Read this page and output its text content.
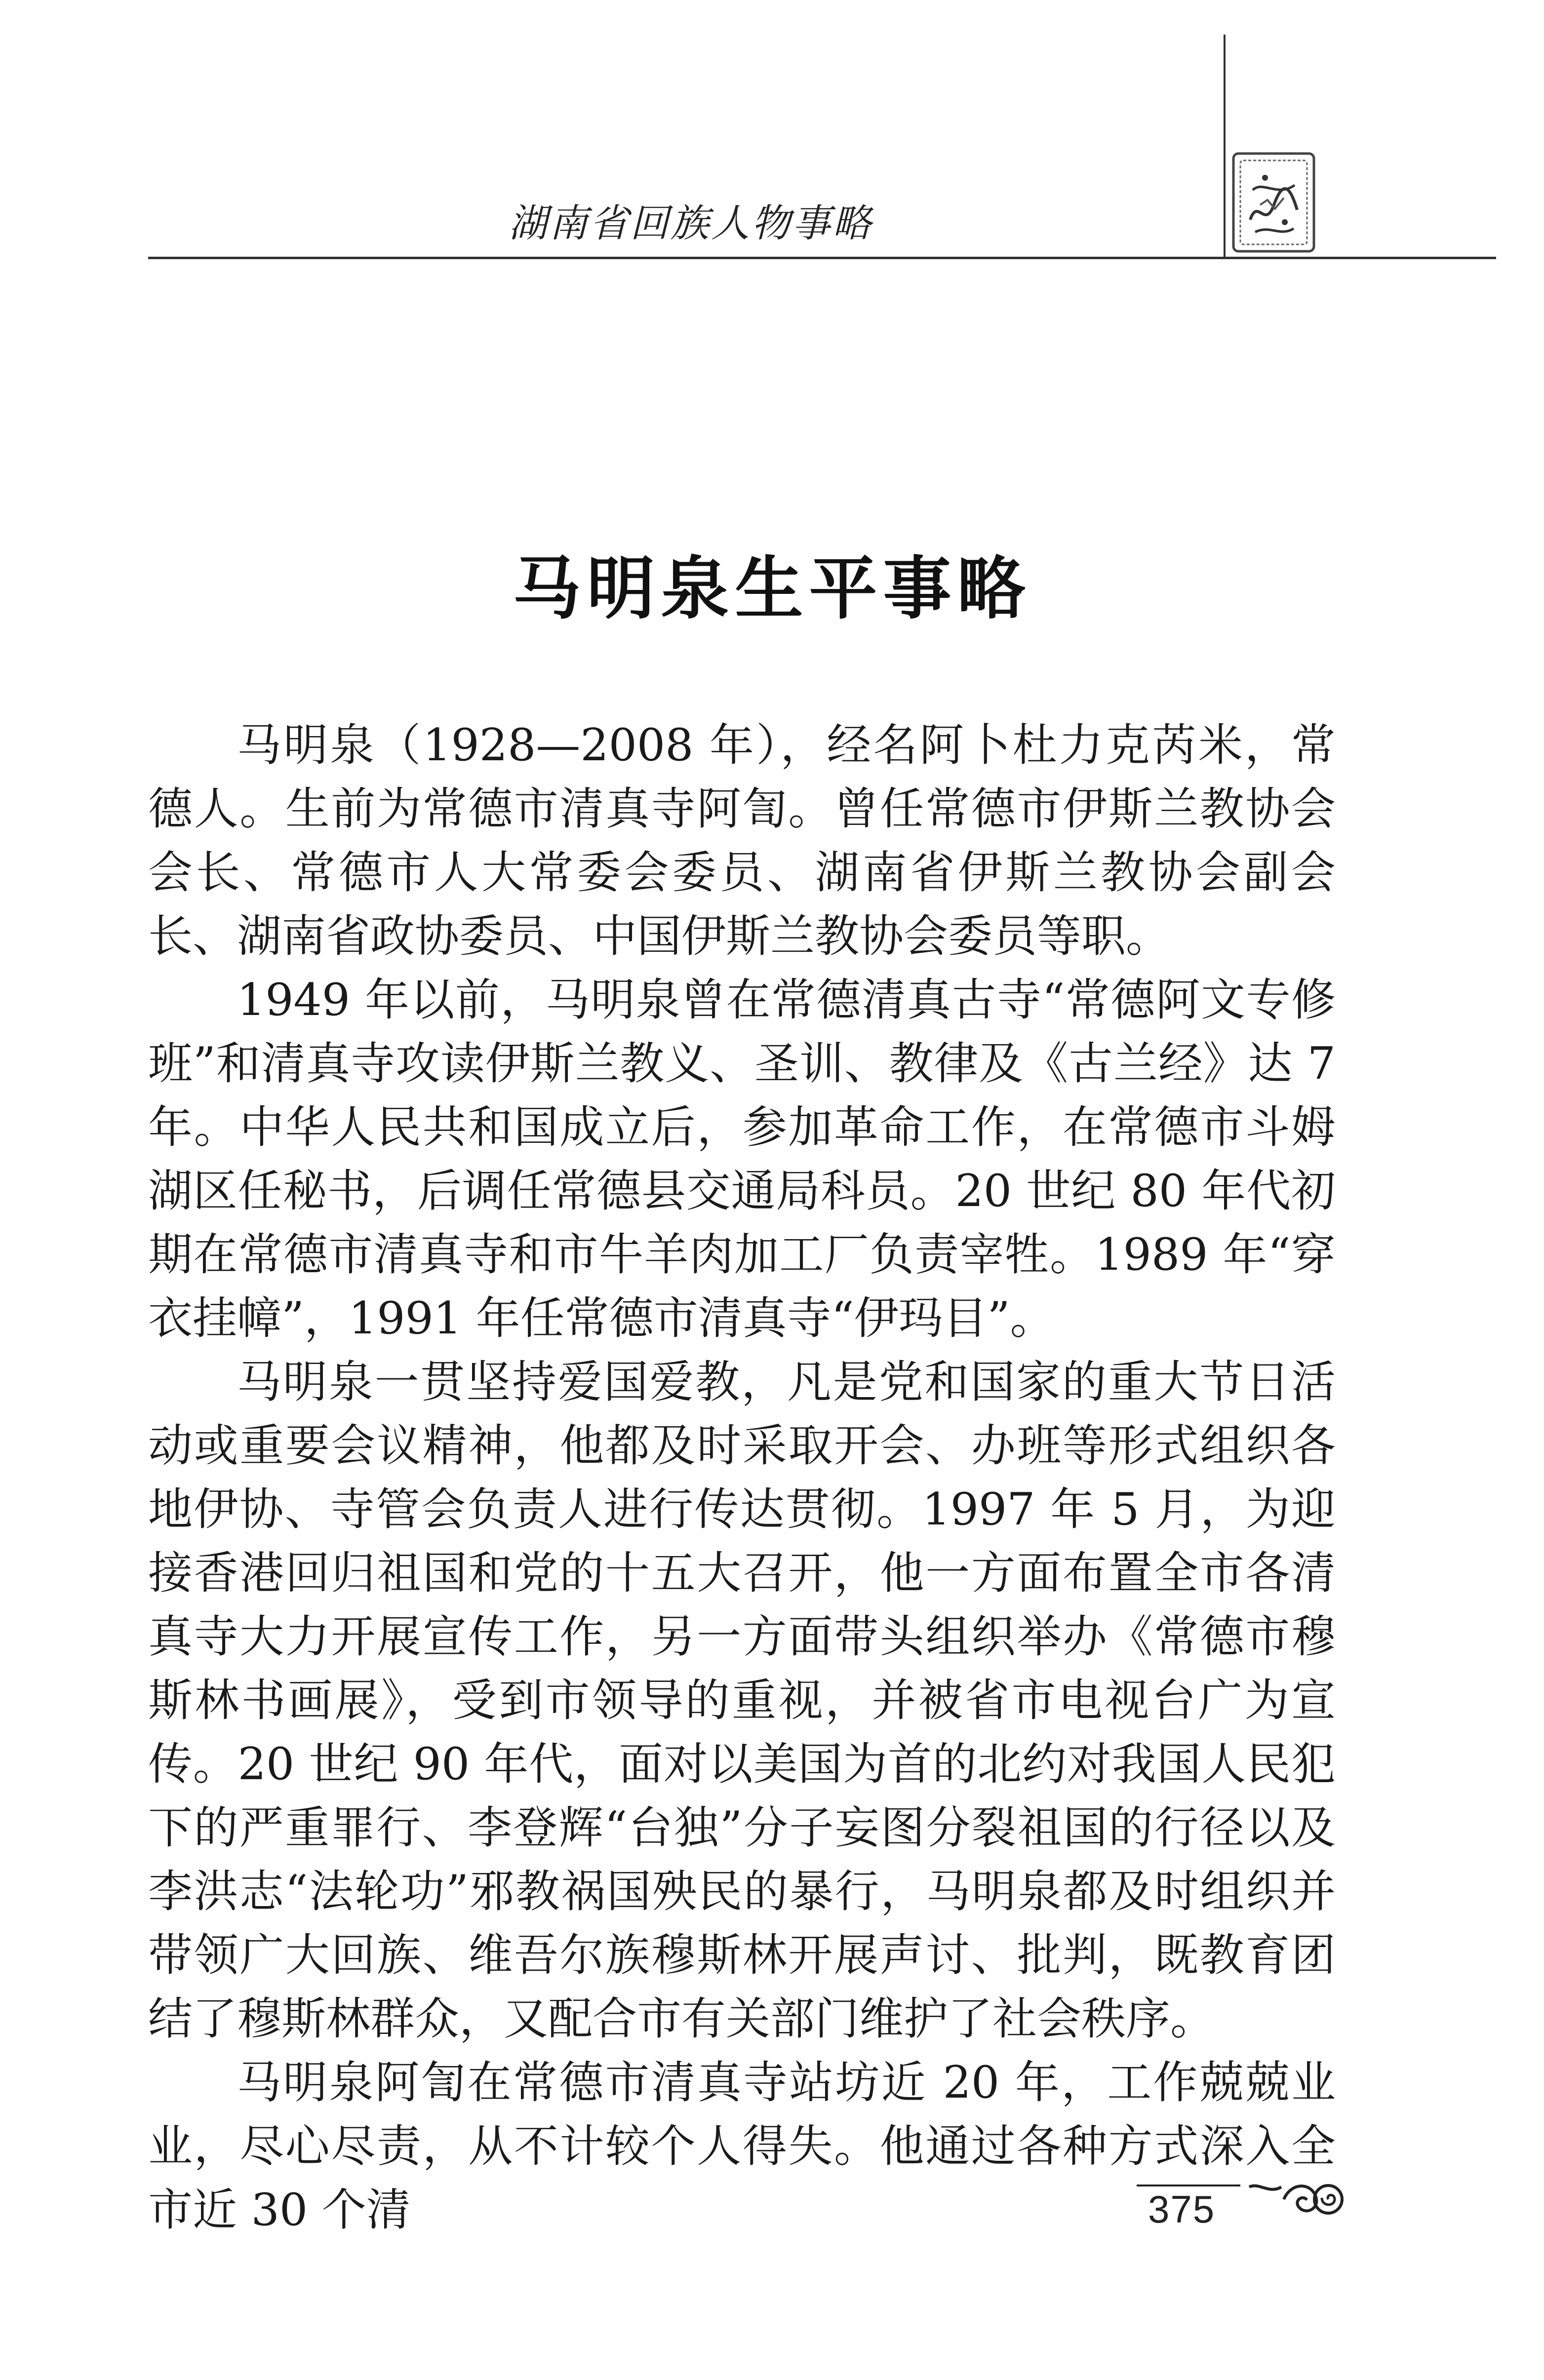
湖南省回族人物事略
马明泉生平事略

马明泉（1928—2008 年），经名阿卜杜力克芮米，常德人。生前为常德市清真寺阿訇。曾任常德市伊斯兰教协会会长、常德市人大常委会委员、湖南省伊斯兰教协会副会长、湖南省政协委员、中国伊斯兰教协会委员等职。

1949 年以前，马明泉曾在常德清真古寺“常德阿文专修班”和清真寺攻读伊斯兰教义、圣训、教律及《古兰经》达 7 年。中华人民共和国成立后，参加革命工作，在常德市斗姆湖区任秘书，后调任常德县交通局科员。20 世纪 80 年代初期在常德市清真寺和市牛羊肉加工厂负责宰牲。1989 年“穿衣挂幛”，1991 年任常德市清真寺“伊玛目”。

马明泉一贯坚持爱国爱教，凡是党和国家的重大节日活动或重要会议精神，他都及时采取开会、办班等形式组织各地伊协、寺管会负责人进行传达贯彻。1997 年 5 月，为迎接香港回归祖国和党的十五大召开，他一方面布置全市各清真寺大力开展宣传工作，另一方面带头组织举办《常德市穆斯林书画展》，受到市领导的重视，并被省市电视台广为宣传。20 世纪 90 年代，面对以美国为首的北约对我国人民犯下的严重罪行、李登辉“台独”分子妄图分裂祖国的行径以及李洪志“法轮功”邪教祸国殃民的暴行，马明泉都及时组织并带领广大回族、维吾尔族穆斯林开展声讨、批判，既教育团结了穆斯林群众，又配合市有关部门维护了社会秩序。

马明泉阿訇在常德市清真寺站坊近 20 年，工作兢兢业业，尽心尽责，从不计较个人得失。他通过各种方式深入全市近 30 个清	375
